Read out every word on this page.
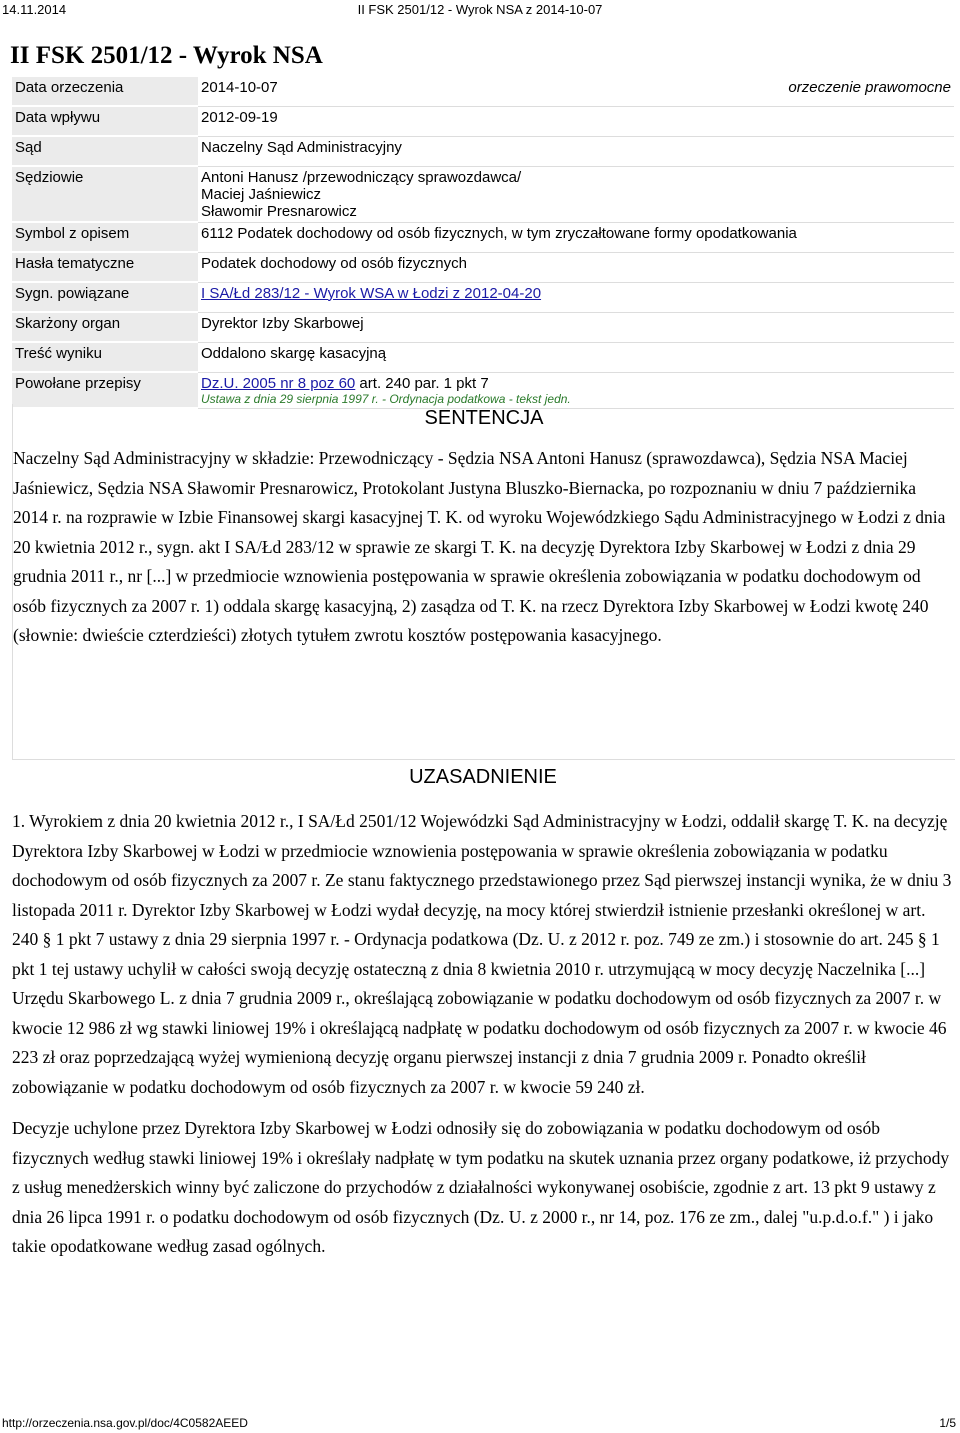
14.11.2014	II FSK 2501/12 - Wyrok NSA z 2014-10-07
II FSK 2501/12 - Wyrok NSA
Data orzeczenia	2014-10-07 orzeczenie prawomocne

Data wpływu	2012-09-19
Sąd	Naczelny Sąd Administracyjny
Sędziowie	Antoni Hanusz /przewodniczący sprawozdawca/
Maciej Jaśniewicz
Sławomir Presnarowicz

Symbol z opisem	6112 Podatek dochodowy od osób fizycznych, w tym zryczałtowane formy opodatkowania
Hasła tematyczne	Podatek dochodowy od osób fizycznych
Sygn. powiązane	I SA/Łd 283/12 - Wyrok WSA w Łodzi z 2012-04-20
Skarżony organ	Dyrektor Izby Skarbowej
Treść wyniku	Oddalono skargę kasacyjną
Powołane przepisy	Dz.U. 2005 nr 8 poz 60 art. 240 par. 1 pkt 7
Ustawa z dnia 29 sierpnia 1997 r. - Ordynacja podatkowa - tekst jedn.
SENTENCJA

Naczelny Sąd Administracyjny w składzie: Przewodniczący - Sędzia NSA Antoni Hanusz (sprawozdawca), Sędzia NSA Maciej Jaśniewicz, Sędzia NSA Sławomir Presnarowicz, Protokolant Justyna Bluszko-Biernacka, po rozpoznaniu w dniu 7 października 2014 r. na rozprawie w Izbie Finansowej skargi kasacyjnej T. K. od wyroku Wojewódzkiego Sądu Administracyjnego w Łodzi z dnia 20 kwietnia 2012 r., sygn. akt I SA/Łd 283/12 w sprawie ze skargi T. K. na decyzję Dyrektora Izby Skarbowej w Łodzi z dnia 29 grudnia 2011 r., nr [...] w przedmiocie wznowienia postępowania w sprawie określenia zobowiązania w podatku dochodowym od osób fizycznych za 2007 r. 1) oddala skargę kasacyjną, 2) zasądza od T. K. na rzecz Dyrektora Izby Skarbowej w Łodzi kwotę 240 (słownie: dwieście czterdzieści) złotych tytułem zwrotu kosztów postępowania kasacyjnego.

UZASADNIENIE

1. Wyrokiem z dnia 20 kwietnia 2012 r., I SA/Łd 2501/12 Wojewódzki Sąd Administracyjny w Łodzi, oddalił skargę T. K. na decyzję Dyrektora Izby Skarbowej w Łodzi w przedmiocie wznowienia postępowania w sprawie określenia zobowiązania w podatku dochodowym od osób fizycznych za 2007 r. Ze stanu faktycznego przedstawionego przez Sąd pierwszej instancji wynika, że w dniu 3 listopada 2011 r. Dyrektor Izby Skarbowej w Łodzi wydał decyzję, na mocy której stwierdził istnienie przesłanki określonej w art. 240 § 1 pkt 7 ustawy z dnia 29 sierpnia 1997 r. - Ordynacja podatkowa (Dz. U. z 2012 r. poz. 749 ze zm.) i stosownie do art. 245 § 1 pkt 1 tej ustawy uchylił w całości swoją decyzję ostateczną z dnia 8 kwietnia 2010 r. utrzymującą w mocy decyzję Naczelnika [...] Urzędu Skarbowego L. z dnia 7 grudnia 2009 r., określającą zobowiązanie w podatku dochodowym od osób fizycznych za 2007 r. w kwocie 12 986 zł wg stawki liniowej 19% i określającą nadpłatę w podatku dochodowym od osób fizycznych za 2007 r. w kwocie 46 223 zł oraz poprzedzającą wyżej wymienioną decyzję organu pierwszej instancji z dnia 7 grudnia 2009 r. Ponadto określił zobowiązanie w podatku dochodowym od osób fizycznych za 2007 r. w kwocie 59 240 zł.

Decyzje uchylone przez Dyrektora Izby Skarbowej w Łodzi odnosiły się do zobowiązania w podatku dochodowym od osób fizycznych według stawki liniowej 19% i określały nadpłatę w tym podatku na skutek uznania przez organy podatkowe, iż przychody z usług menedżerskich winny być zaliczone do przychodów z działalności wykonywanej osobiście, zgodnie z art. 13 pkt 9 ustawy z dnia 26 lipca 1991 r. o podatku dochodowym od osób fizycznych (Dz. U. z 2000 r., nr 14, poz. 176 ze zm., dalej "u.p.d.o.f." ) i jako takie opodatkowane według zasad ogólnych.

http://orzeczenia.nsa.gov.pl/doc/4C0582AEED	1/5
